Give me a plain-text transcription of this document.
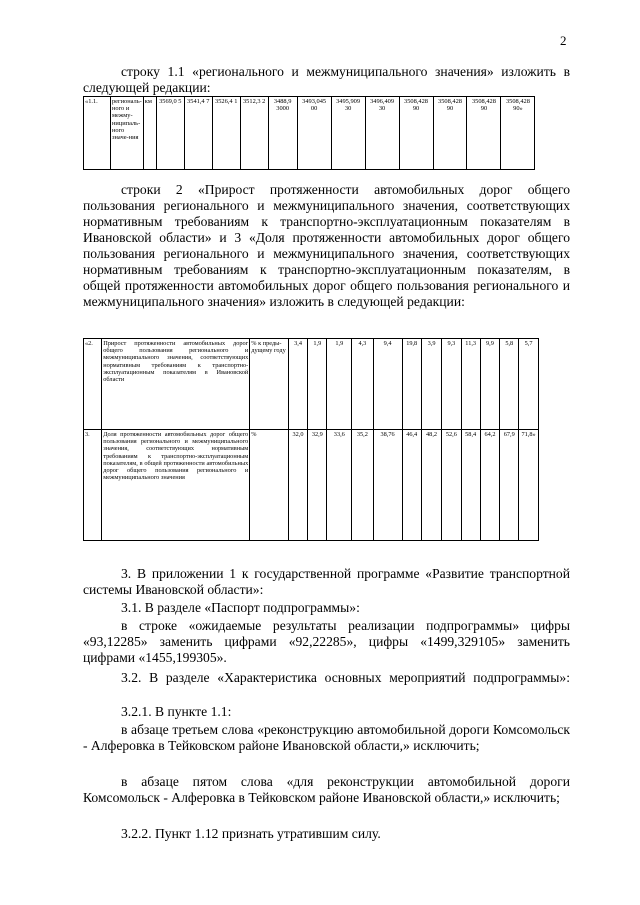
2
строку 1.1 «регионального и межмуниципального значения» изложить в следующей редакции:
«1.1.	региональ-ного и межму-ниципаль-ного значе-ния	км	3569,0 5	3541,4 7	3526,4 1	3512,3 2	3488,9 3000	3493,045 00	3495,909 30	3496,409 30	3508,428 90	3508,428 90	3508,428 90	3508,428 90»
строки 2 «Прирост протяженности автомобильных дорог общего пользования регионального и межмуниципального значения, соответствующих нормативным требованиям к транспортно-эксплуатационным показателям в Ивановской области» и 3 «Доля протяженности автомобильных дорог общего пользования регионального и межмуниципального значения, соответствующих нормативным требованиям к транспортно-эксплуатационным показателям, в общей протяженности автомобильных дорог общего пользования регионального и межмуниципального значения» изложить в следующей редакции:
«2.	Прирост протяженности автомобильных дорог общего пользования регионального и межмуниципального значения, соответствующих нормативным требованиям к транспортно-эксплуатационным показателям в Ивановской области	% к преды-дущему году	3,4	1,9	1,9	4,3	9,4	19,8	3,9	9,3	11,3	9,9	5,8	5,7
3.	Доля протяженности автомобильных дорог общего пользования регионального и межмуниципального значения, соответствующих нормативным требованиям к транспортно-эксплуатационным показателям, в общей протяженности автомобильных дорог общего пользования регионального и межмуниципального значения	%	32,0	32,9	33,6	35,2	38,76	46,4	48,2	52,6	58,4	64,2	67,9	71,8»
3. В приложении 1 к государственной программе «Развитие транспортной системы Ивановской области»:
3.1. В разделе «Паспорт подпрограммы»:
в строке «ожидаемые результаты реализации подпрограммы» цифры «93,12285» заменить цифрами «92,22285», цифры «1499,329105» заменить цифрами «1455,199305».
3.2. В разделе «Характеристика основных мероприятий подпрограммы»:
3.2.1. В пункте 1.1:
в абзаце третьем слова «реконструкцию автомобильной дороги Комсомольск - Алферовка в Тейковском районе Ивановской области,» исключить;
в абзаце пятом слова «для реконструкции автомобильной дороги Комсомольск - Алферовка в Тейковском районе Ивановской области,» исключить;
3.2.2. Пункт 1.12 признать утратившим силу.
